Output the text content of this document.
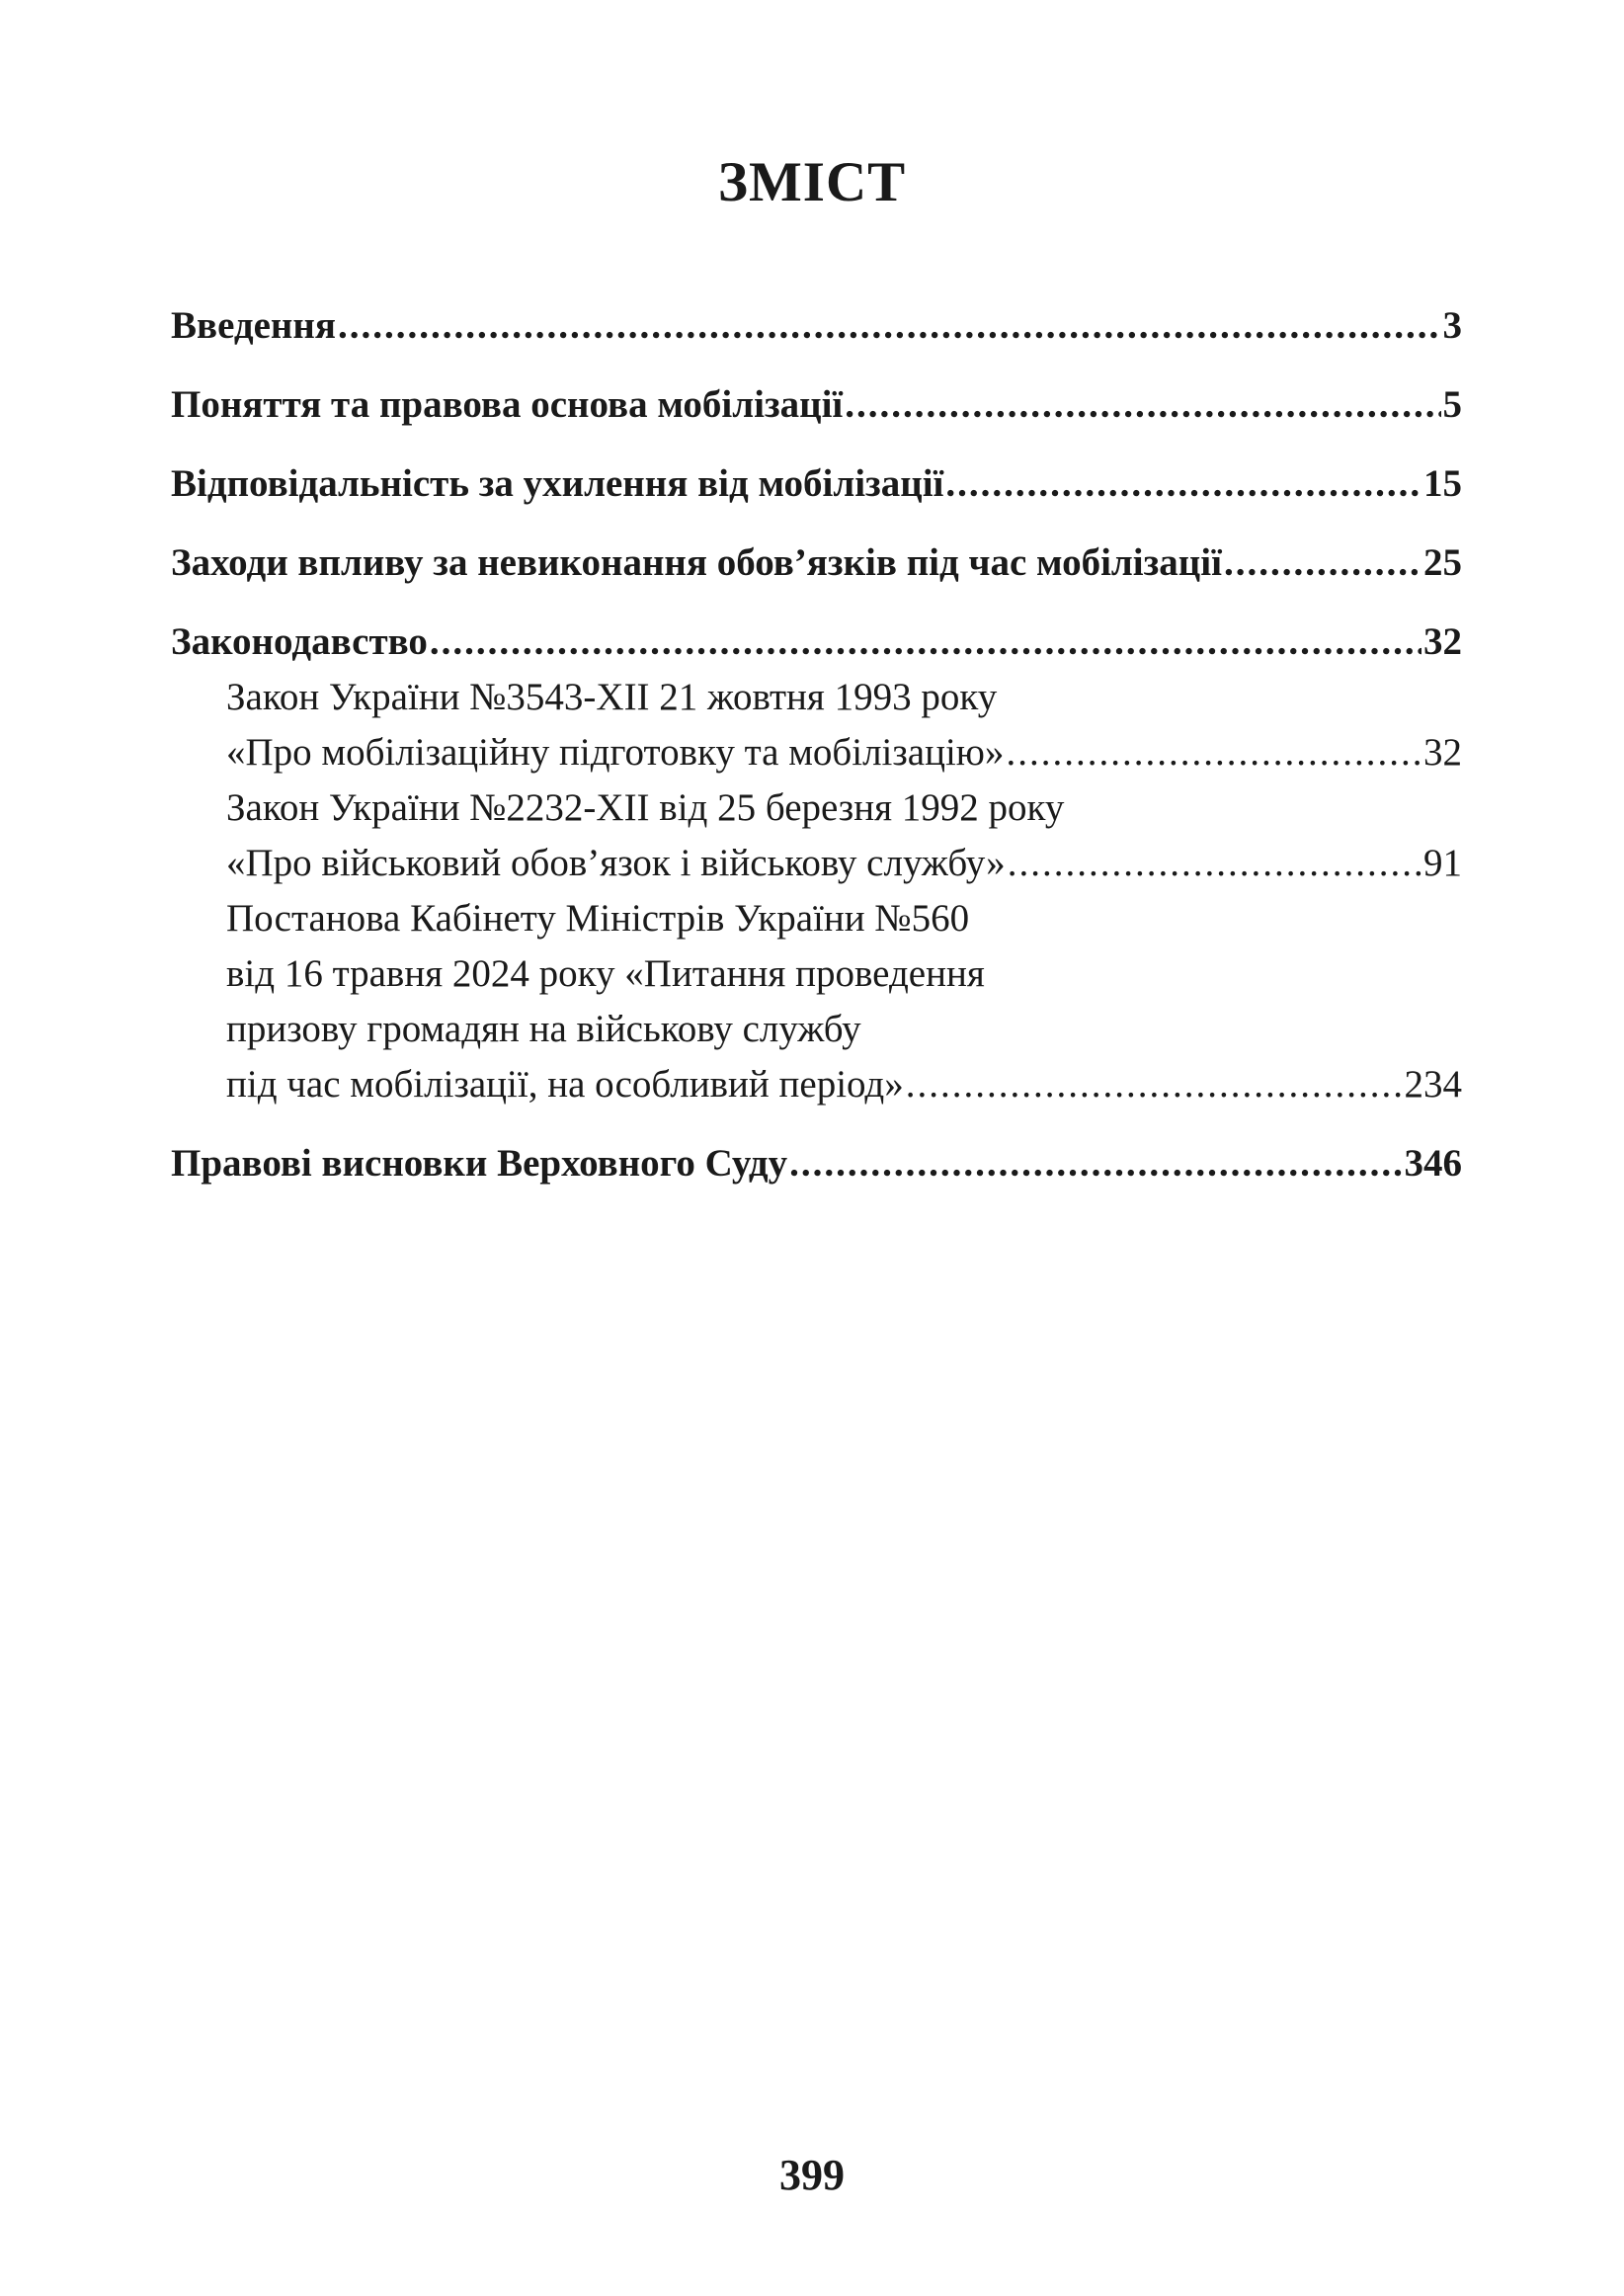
ЗМІСТ
Введення .....	3
Поняття та правова основа мобілізації .....	5
Відповідальність за ухилення від мобілізації .....	15
Заходи впливу за невиконання обов’язків під час мобілізації .....	25
Законодавство .....	32
Закон України №3543-XII 21 жовтня 1993 року
«Про мобілізаційну підготовку та мобілізацію» .....	32
Закон України №2232-XII від 25 березня 1992 року
«Про військовий обов’язок і військову службу» .....	91
Постанова Кабінету Міністрів України №560
від 16 травня 2024 року «Питання проведення
призову громадян на військову службу
під час мобілізації, на особливий період» .....	234
Правові висновки Верховного Суду .....	346
399
